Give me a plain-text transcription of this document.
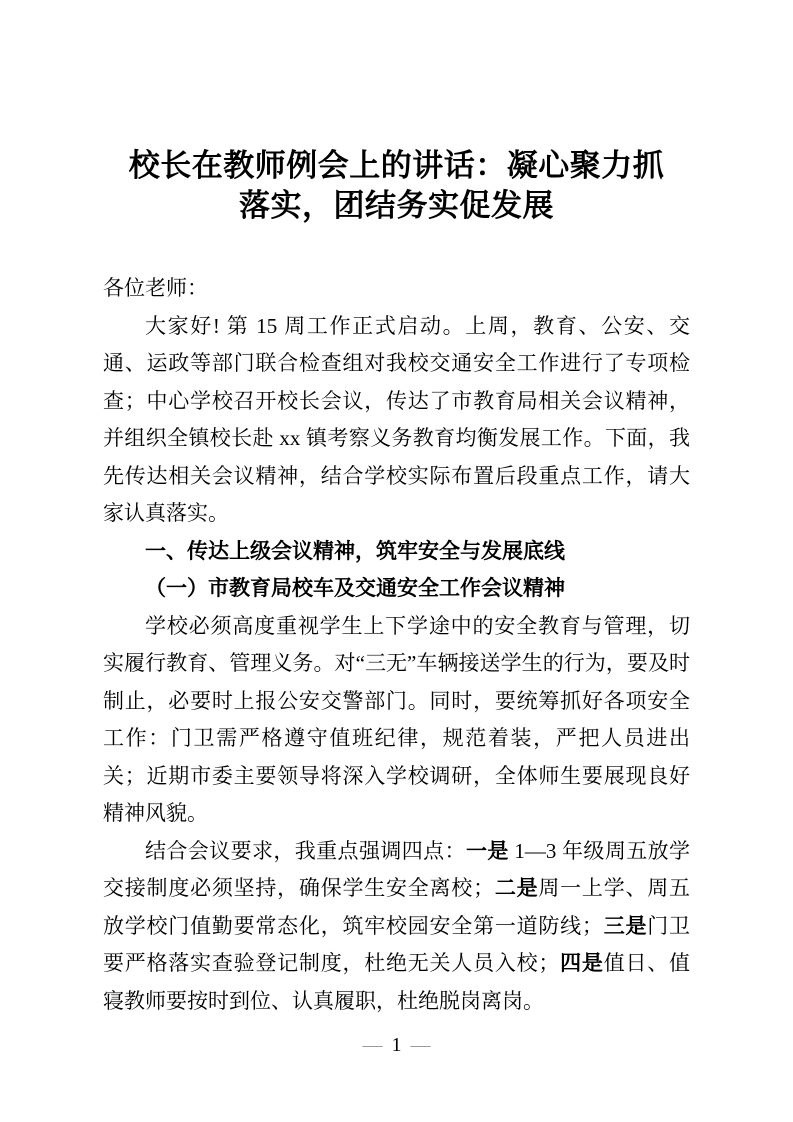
校长在教师例会上的讲话：凝心聚力抓落实，团结务实促发展

各位老师：

大家好! 第 15 周工作正式启动。上周，教育、公安、交通、运政等部门联合检查组对我校交通安全工作进行了专项检查；中心学校召开校长会议，传达了市教育局相关会议精神，并组织全镇校长赴 xx 镇考察义务教育均衡发展工作。下面，我先传达相关会议精神，结合学校实际布置后段重点工作，请大家认真落实。

一、传达上级会议精神，筑牢安全与发展底线

（一）市教育局校车及交通安全工作会议精神

学校必须高度重视学生上下学途中的安全教育与管理，切实履行教育、管理义务。对“三无”车辆接送学生的行为，要及时制止，必要时上报公安交警部门。同时，要统筹抓好各项安全工作：门卫需严格遵守值班纪律，规范着装，严把人员进出关；近期市委主要领导将深入学校调研，全体师生要展现良好精神风貌。

结合会议要求，我重点强调四点：一是 1—3 年级周五放学交接制度必须坚持，确保学生安全离校；二是周一上学、周五放学校门值勤要常态化，筑牢校园安全第一道防线；三是门卫要严格落实查验登记制度，杜绝无关人员入校；四是值日、值寝教师要按时到位、认真履职，杜绝脱岗离岗。

— 1 —
